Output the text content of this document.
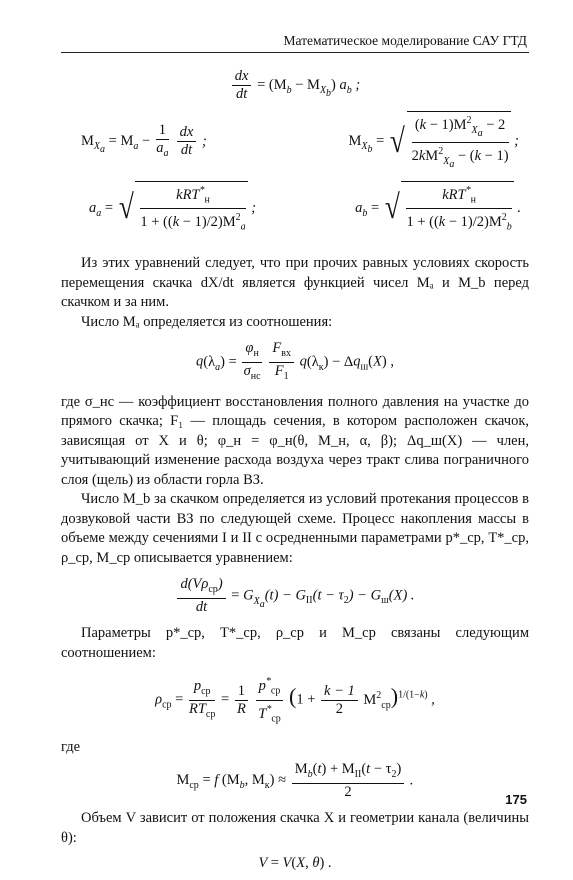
Математическое моделирование САУ ГТД
$\frac{dx}{dt} = (M_b - M_{X_b})$ $a_b$ ;
$M_{X_a} = M_a - \frac{1}{a_a}$
$\frac{dx}{dt}$ ;	$M_{X_b}$ = √ $\frac{(k - 1)M^2_{X_a} - 2}{2kM^2_{X_a} - (k - 1)}$ ;
$a_a$ = √ $\frac{kRT^*_н}{1 + ((k - 1)/2)M^2_a}$ ;	$a_b$ = √ $\frac{kRT^*_н}{1 + ((k - 1)/2)M^2_b}$ .

Из этих уравнений следует, что при прочих равных условиях скорость перемещения скачка dX/dt является функцией чисел Mₐ и M_b перед скачком и за ним.

Число Mₐ определяется из соотношения:

$q(\lambda_a) = \frac{\varphi_н}{\sigma_{нс}}$
$\frac{F_{вх}}{F_1} q(\lambda_к) - \Delta q_ш(X)$ ,

где σ_нс — коэффициент восстановления полного давления на участке до прямого скачка; F₁ — площадь сечения, в котором расположен скачок, зависящая от X и θ; φ_н = φ_н(θ, M_н, α, β); Δq_ш(X) — член, учитывающий изменение расхода воздуха через тракт слива пограничного слоя (щель) из области горла ВЗ.

Число M_b за скачком определяется из условий протекания процессов в дозвуковой части ВЗ по следующей схеме. Процесс накопления массы в объеме между сечениями I и II с осредненными параметрами p*_ср, T*_ср, ρ_ср, M_ср описывается уравнением:

$\frac{d(V\rho_{ср})}{dt} = G_{X_a}(t) - G_{II}(t - \tau_2) - G_ш(X)$ .

Параметры p*_ср, T*_ср, ρ_ср и M_ср связаны следующим соотношением:

$\rho_{ср} = \frac{p_{ср}}{RT_{ср}} = \frac{1}{R}$
$\frac{p^*_{ср}}{T^*_{ср}} (1 + \frac{k - 1}{2} M^2_{ср})^{1/(1-k)}$ ,

где

$M_{ср} = f$ ($M_b$, $M_к) \approx \frac{M_b(t) + M_{II}(t - \tau_2)}{2}$ .

Объем V зависит от положения скачка X и геометрии канала (величины θ):

V = V(X, θ) .
175
